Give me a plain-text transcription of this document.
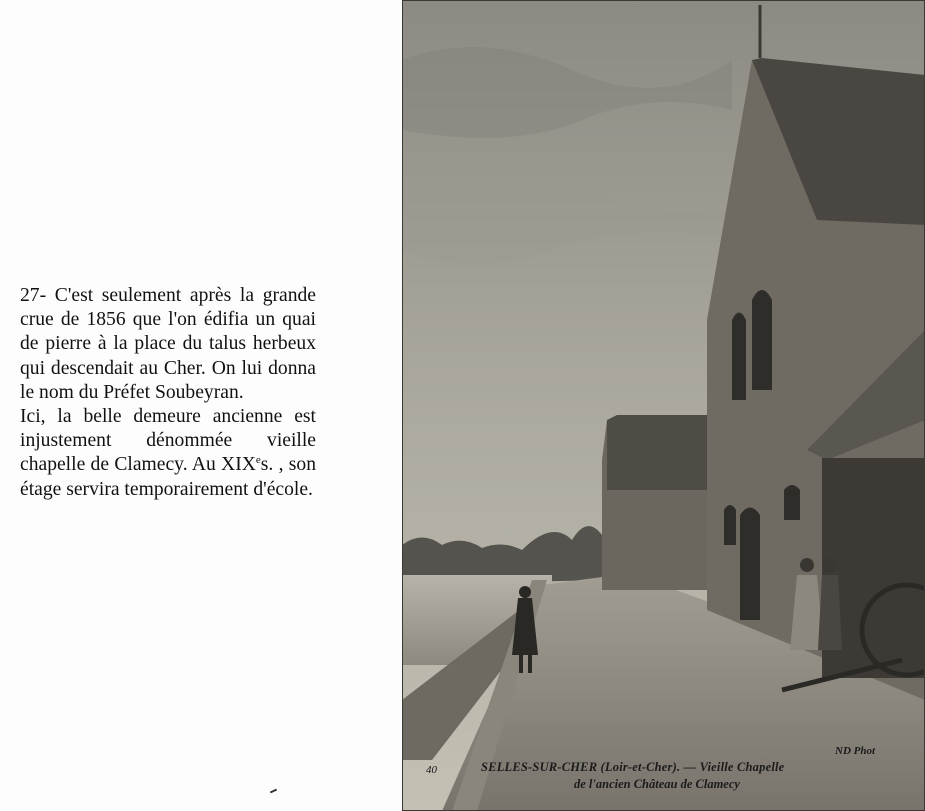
27- C'est seulement après la grande crue de 1856 que l'on édifia un quai de pierre à la place du talus herbeux qui descendait au Cher. On lui donna le nom du Préfet Soubeyran.

Ici, la belle demeure ancienne est injustement dénommée vieille chapelle de Clamecy. Au XIXes. , son étage servira temporairement d'école.

ND Phot
40	SELLES-SUR-CHER (Loir-et-Cher). — Vieille Chapelle
de l'ancien Château de Clamecy
